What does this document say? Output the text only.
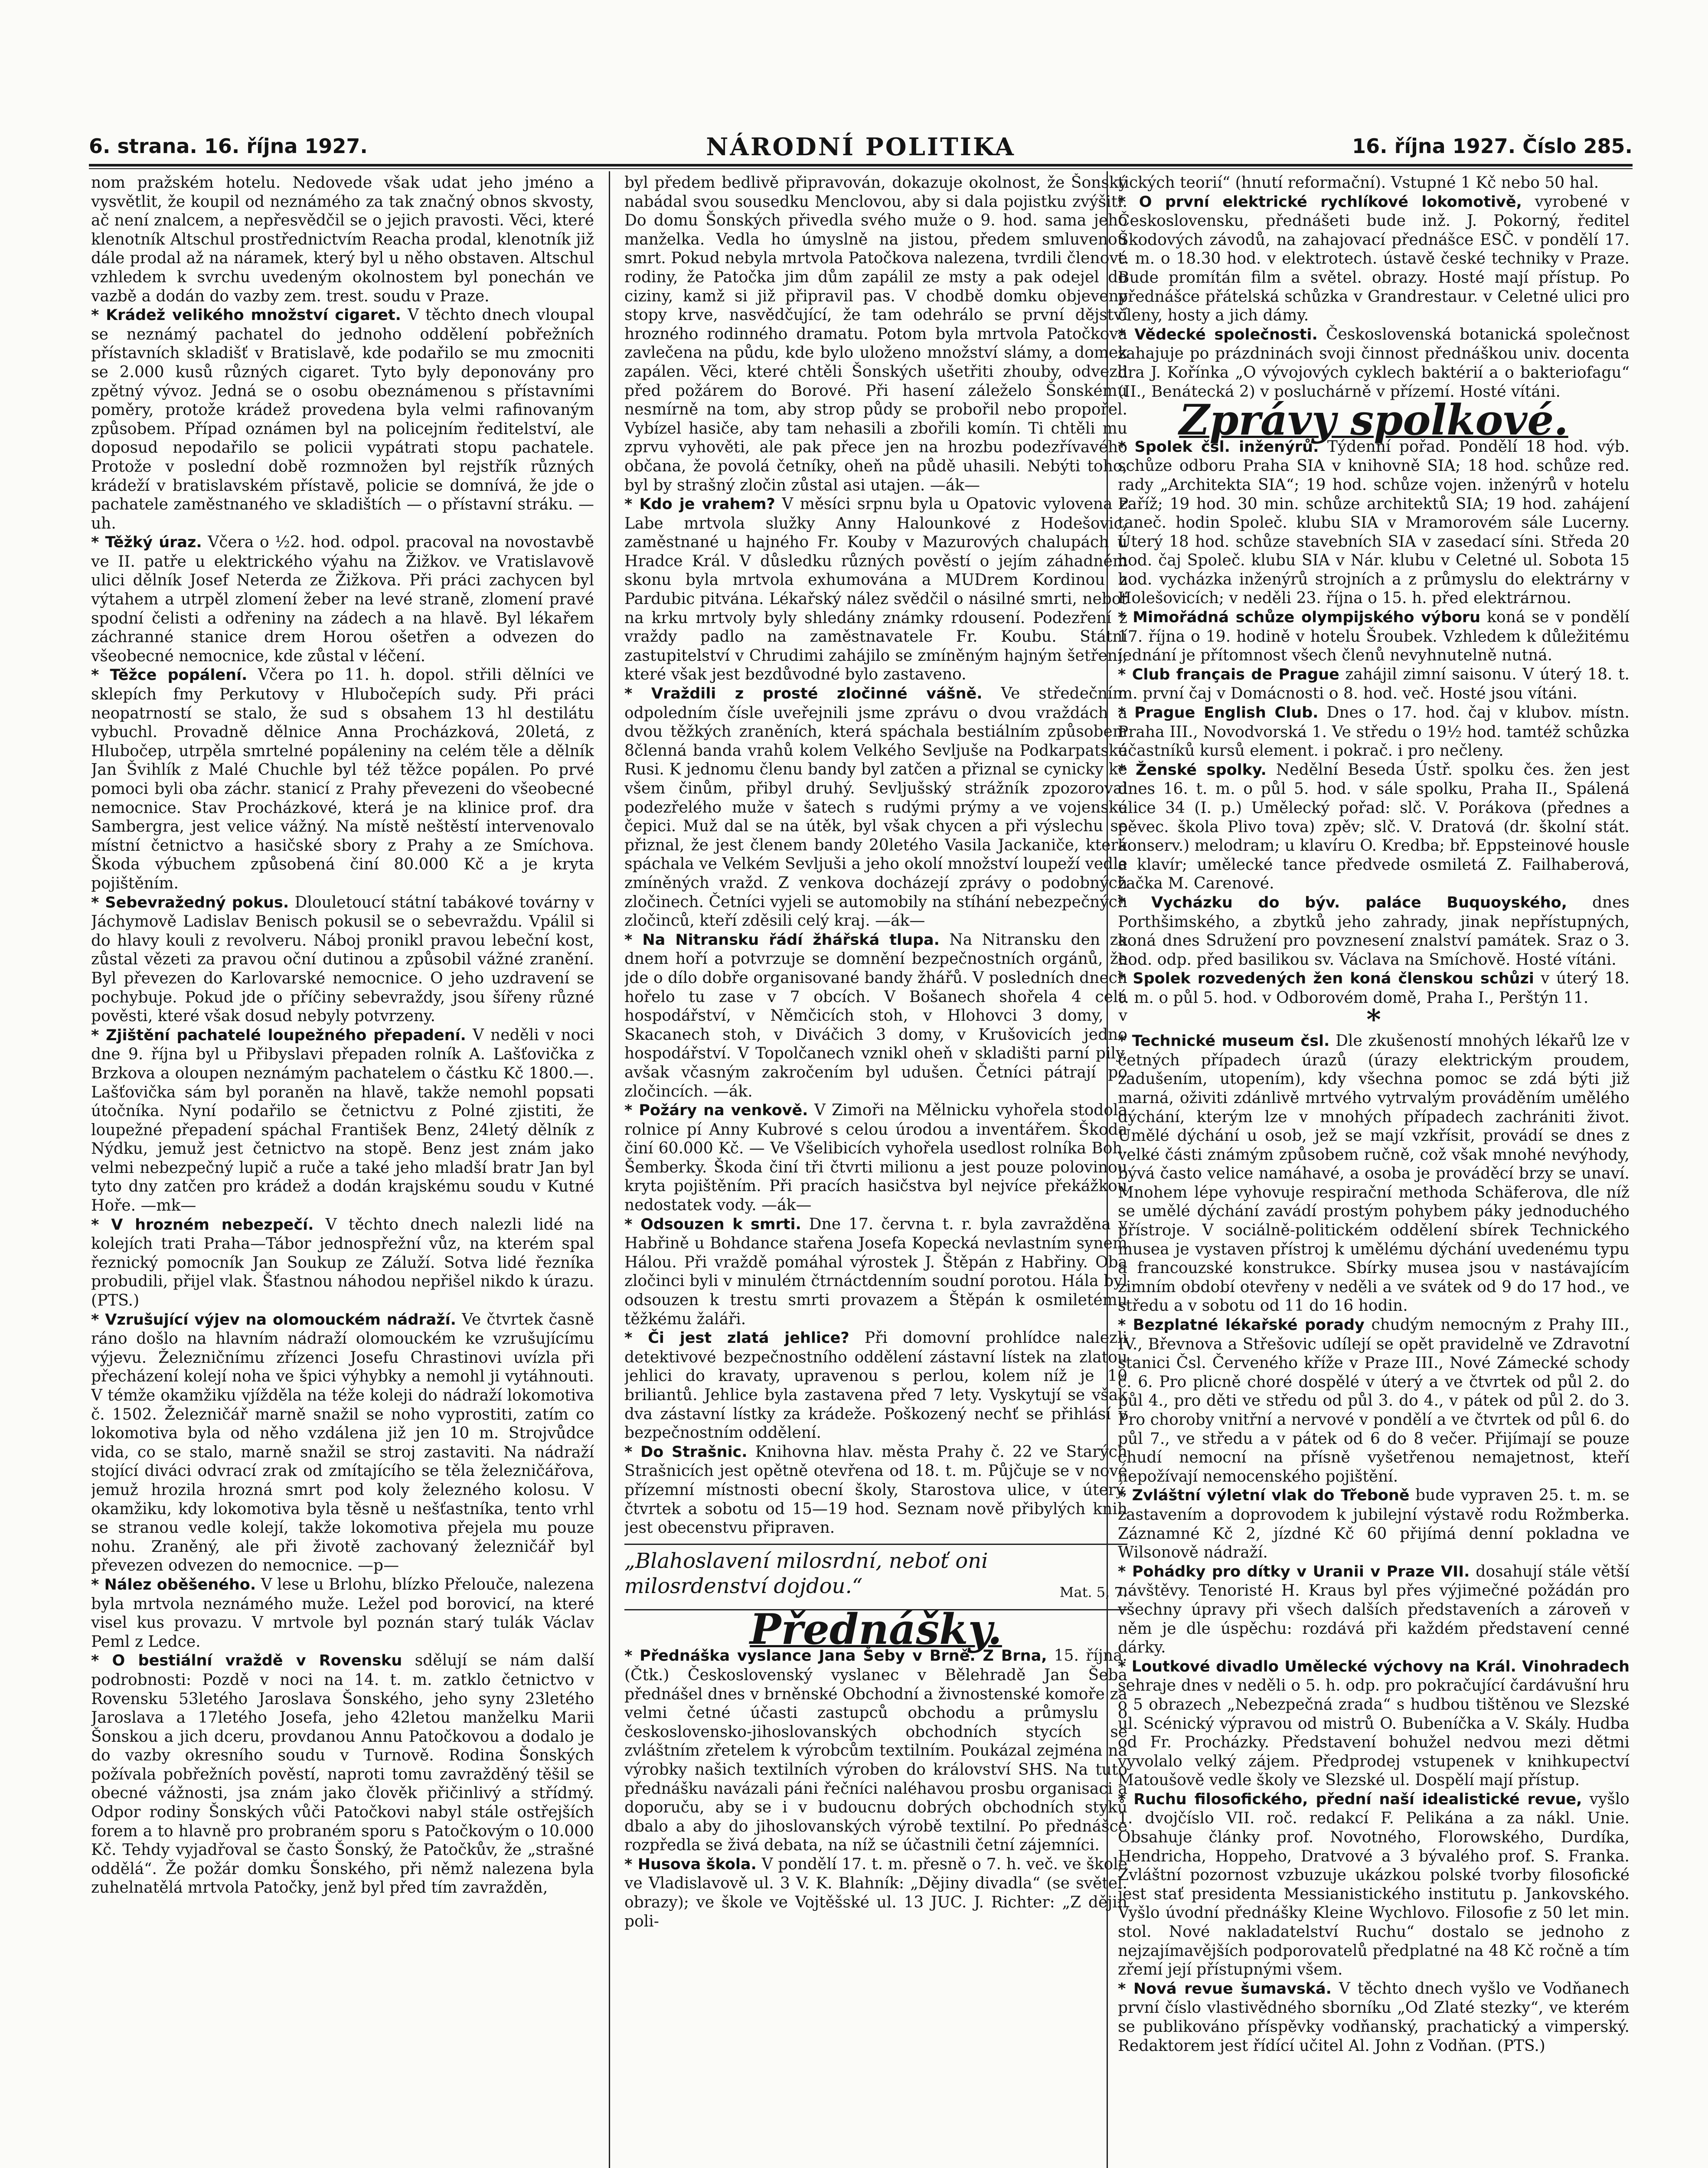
6. strana. 16. října 1927.	NÁRODNÍ POLITIKA	16. října 1927. Číslo 285.

nom pražském hotelu. Nedovede však udat jeho jméno a vysvětlit, že koupil od neznámého za tak značný obnos skvosty, ač není znalcem, a nepřesvědčil se o jejich pravosti. Věci, které klenotník Altschul prostřednictvím Reacha prodal, klenotník již dále prodal až na náramek, který byl u něho obstaven. Altschul vzhledem k svrchu uvedeným okolnostem byl ponechán ve vazbě a dodán do vazby zem. trest. soudu v Praze.

* Krádež velikého množství cigaret. V těchto dnech vloupal se neznámý pachatel do jednoho oddělení pobřežních přístavních skladišť v Bratislavě, kde podařilo se mu zmocniti se 2.000 kusů různých cigaret. Tyto byly deponovány pro zpětný vývoz. Jedná se o osobu obeznámenou s přístavními poměry, protože krádež provedena byla velmi rafinovaným způsobem. Případ oznámen byl na policejním ředitelství, ale doposud nepodařilo se policii vypátrati stopu pachatele. Protože v poslední době rozmnožen byl rejstřík různých krádeží v bratislavském přístavě, policie se domnívá, že jde o pachatele zaměstnaného ve skladištích — o přístavní stráku. —uh.

* Těžký úraz. Včera o ½2. hod. odpol. pracoval na novostavbě ve II. patře u elektrického výahu na Žižkov. ve Vratislavově ulici dělník Josef Neterda ze Žižkova. Při práci zachycen byl výtahem a utrpěl zlomení žeber na levé straně, zlomení pravé spodní čelisti a odřeniny na zádech a na hlavě. Byl lékařem záchranné stanice drem Horou ošetřen a odvezen do všeobecné nemocnice, kde zůstal v léčení.

* Těžce popálení. Včera po 11. h. dopol. střili dělníci ve sklepích fmy Perkutovy v Hlubočepích sudy. Při práci neopatrností se stalo, že sud s obsahem 13 hl destilátu vybuchl. Provadně dělnice Anna Procházková, 20letá, z Hlubočep, utrpěla smrtelné popáleniny na celém těle a dělník Jan Švihlík z Malé Chuchle byl též těžce popálen. Po prvé pomoci byli oba záchr. stanicí z Prahy převezeni do všeobecné nemocnice. Stav Procházkové, která je na klinice prof. dra Sambergra, jest velice vážný. Na místě neštěstí intervenovalo místní četnictvo a hasičské sbory z Prahy a ze Smíchova. Škoda výbuchem způsobená činí 80.000 Kč a je kryta pojištěním.

* Sebevražedný pokus. Dlouletoucí státní tabákové továrny v Jáchymově Ladislav Benisch pokusil se o sebevraždu. Vpálil si do hlavy kouli z revolveru. Náboj pronikl pravou lebeční kost, zůstal vězeti za pravou oční dutinou a způsobil vážné zranění. Byl převezen do Karlovarské nemocnice. O jeho uzdravení se pochybuje. Pokud jde o příčiny sebevraždy, jsou šířeny různé pověsti, které však dosud nebyly potvrzeny.

* Zjištění pachatelé loupežného přepadení. V neděli v noci dne 9. října byl u Přibyslavi přepaden rolník A. Lašťovička z Brzkova a oloupen neznámým pachatelem o částku Kč 1800.—. Lašťovička sám byl poraněn na hlavě, takže nemohl popsati útočníka. Nyní podařilo se četnictvu z Polné zjistiti, že loupežné přepadení spáchal František Benz, 24letý dělník z Nýdku, jemuž jest četnictvo na stopě. Benz jest znám jako velmi nebezpečný lupič a ruče a také jeho mladší bratr Jan byl tyto dny zatčen pro krádež a dodán krajskému soudu v Kutné Hoře. —mk—

* V hrozném nebezpečí. V těchto dnech nalezli lidé na kolejích trati Praha—Tábor jednospřežní vůz, na kterém spal řeznický pomocník Jan Soukup ze Záluží. Sotva lidé řezníka probudili, přijel vlak. Šťastnou náhodou nepřišel nikdo k úrazu. (PTS.)

* Vzrušující výjev na olomouckém nádraží. Ve čtvrtek časně ráno došlo na hlavním nádraží olomouckém ke vzrušujícímu výjevu. Železničnímu zřízenci Josefu Chrastinovi uvízla při přecházení kolejí noha ve špici výhybky a nemohl ji vytáhnouti. V témže okamžiku vjížděla na téže koleji do nádraží lokomotiva č. 1502. Železničář marně snažil se noho vyprostiti, zatím co lokomotiva byla od něho vzdálena již jen 10 m. Strojvůdce vida, co se stalo, marně snažil se stroj zastaviti. Na nádraží stojící diváci odvrací zrak od zmítajícího se těla železničářova, jemuž hrozila hrozná smrt pod koly železného kolosu. V okamžiku, kdy lokomotiva byla těsně u nešťastníka, tento vrhl se stranou vedle kolejí, takže lokomotiva přejela mu pouze nohu. Zraněný, ale při životě zachovaný železničář byl převezen odvezen do nemocnice. —p—

* Nález oběšeného. V lese u Brlohu, blízko Přelouče, nalezena byla mrtvola neznámého muže. Ležel pod borovicí, na které visel kus provazu. V mrtvole byl poznán starý tulák Václav Peml z Ledce.

* O bestiální vraždě v Rovensku sdělují se nám další podrobnosti: Pozdě v noci na 14. t. m. zatklo četnictvo v Rovensku 53letého Jaroslava Šonského, jeho syny 23letého Jaroslava a 17letého Josefa, jeho 42letou manželku Marii Šonskou a jich dceru, provdanou Annu Patočkovou a dodalo je do vazby okresního soudu v Turnově. Rodina Šonských požívala pobřežních pověstí, naproti tomu zavražděný těšil se obecné vážnosti, jsa znám jako člověk přičinlivý a střídmý. Odpor rodiny Šonských vůči Patočkovi nabyl stále ostřejších forem a to hlavně pro probraném sporu s Patočkovým o 10.000 Kč. Tehdy vyjadřoval se často Šonský, že Patočkův, že „strašné oddělá“. Že požár domku Šonského, při němž nalezena byla zuhelnatělá mrtvola Patočky, jenž byl před tím zavražděn,

byl předem bedlivě připravován, dokazuje okolnost, že Šonský nabádal svou sousedku Menclovou, aby si dala pojistku zvýšiti. Do domu Šonských přivedla svého muže o 9. hod. sama jeho manželka. Vedla ho úmyslně na jistou, předem smluvenou smrt. Pokud nebyla mrtvola Patočkova nalezena, tvrdili členové rodiny, že Patočka jim dům zapálil ze msty a pak odejel do ciziny, kamž si již připravil pas. V chodbě domku objeveny stopy krve, nasvědčující, že tam odehrálo se první dějství hrozného rodinného dramatu. Potom byla mrtvola Patočkova zavlečena na půdu, kde bylo uloženo množství slámy, a domek zapálen. Věci, které chtěli Šonských ušetřiti zhouby, odvezli před požárem do Borové. Při hasení záleželo Šonskému nesmírně na tom, aby strop půdy se probořil nebo propořel. Vybízel hasiče, aby tam nehasili a zbořili komín. Ti chtěli mu zprvu vyhověti, ale pak přece jen na hrozbu podezřívavého občana, že povolá četníky, oheň na půdě uhasili. Nebýti toho, byl by strašný zločin zůstal asi utajen. —ák—

* Kdo je vrahem? V měsíci srpnu byla u Opatovic vylovena z Labe mrtvola služky Anny Halounkové z Hodešovic, zaměstnané u hajného Fr. Kouby v Mazurových chalupách u Hradce Král. V důsledku různých pověstí o jejím záhadném skonu byla mrtvola exhumována a MUDrem Kordinou z Pardubic pitvána. Lékařský nález svědčil o násilné smrti, neboť na krku mrtvoly byly shledány známky rdousení. Podezření z vraždy padlo na zaměstnavatele Fr. Koubu. Státní zastupitelství v Chrudimi zahájilo se zmíněným hajným šetření, které však jest bezdůvodné bylo zastaveno.

* Vraždili z prosté zločinné vášně. Ve středečním odpoledním čísle uveřejnili jsme zprávu o dvou vraždách a dvou těžkých zraněních, která spáchala bestiálním způsobem 8členná banda vrahů kolem Velkého Sevljuše na Podkarpatské Rusi. K jednomu členu bandy byl zatčen a přiznal se cynicky ke všem činům, přibyl druhý. Sevljušský strážník zpozoroval podezřelého muže v šatech s rudými prýmy a ve vojenské čepici. Muž dal se na útěk, byl však chycen a při výslechu se přiznal, že jest členem bandy 20letého Vasila Jackaniče, která spáchala ve Velkém Sevljuši a jeho okolí množství loupeží vedle zmíněných vražd. Z venkova docházejí zprávy o podobných zločinech. Četníci vyjeli se automobily na stíhání nebezpečných zločinců, kteří zděsili celý kraj. —ák—

* Na Nitransku řádí žhářská tlupa. Na Nitransku den za dnem hoří a potvrzuje se domnění bezpečnostních orgánů, že jde o dílo dobře organisované bandy žhářů. V posledních dnech hořelo tu zase v 7 obcích. V Bošanech shořela 4 celá hospodářství, v Němčicích stoh, v Hlohovci 3 domy, v Skacanech stoh, v Diváčich 3 domy, v Krušovicích jedno hospodářství. V Topolčanech vznikl oheň v skladišti parní pily, avšak včasným zakročením byl udušen. Četníci pátrají po zločincích. —ák.

* Požáry na venkově. V Zimoři na Mělnicku vyhořela stodola rolnice pí Anny Kubrové s celou úrodou a inventářem. Škoda činí 60.000 Kč. — Ve Všelibicích vyhořela usedlost rolníka Boh. Šemberky. Škoda činí tři čtvrti milionu a jest pouze polovinou kryta pojištěním. Při pracích hasičstva byl nejvíce překážkou nedostatek vody. —ák—

* Odsouzen k smrti. Dne 17. června t. r. byla zavražděna v Habřině u Bohdance stařena Josefa Kopecká nevlastním synem Hálou. Při vraždě pomáhal výrostek J. Štěpán z Habřiny. Oba zločinci byli v minulém čtrnáctdenním soudní porotou. Hála byl odsouzen k trestu smrti provazem a Štěpán k osmiletému těžkému žaláři.

* Či jest zlatá jehlice? Při domovní prohlídce nalezli detektivové bezpečnostního oddělení zástavní lístek na zlatou jehlici do kravaty, upravenou s perlou, kolem níž je 10 briliantů. Jehlice byla zastavena před 7 lety. Vyskytují se však dva zástavní lístky za krádeže. Poškozený nechť se přihlásí v bezpečnostním oddělení.

* Do Strašnic. Knihovna hlav. města Prahy č. 22 ve Starých Strašnicích jest opětně otevřena od 18. t. m. Půjčuje se v nové přízemní místnosti obecní školy, Starostova ulice, v úterý, čtvrtek a sobotu od 15—19 hod. Seznam nově přibylých knih jest obecenstvu připraven.

„Blahoslavení milosrdní, neboť oni milosrdenství dojdou.“	Mat. 5, 7.
Přednášky.

* Přednáška vyslance Jana Šeby v Brně. Z Brna, 15. října. (Čtk.) Československý vyslanec v Bělehradě Jan Šeba přednášel dnes v brněnské Obchodní a živnostenské komoře za velmi četné účasti zastupců obchodu a průmyslu o československo-jihoslovanských obchodních stycích se zvláštním zřetelem k výrobcům textilním. Poukázal zejména na výrobky našich textilních výroben do království SHS. Na tuto přednášku navázali páni řečníci naléhavou prosbu organisaci a doporuču, aby se i v budoucnu dobrých obchodních styků dbalo a aby do jihoslovanských výrobě textilní. Po přednášce rozpředla se živá debata, na níž se účastnili četní zájemníci.

* Husova škola. V pondělí 17. t. m. přesně o 7. h. več. ve škole ve Vladislavově ul. 3 V. K. Blahník: „Dějiny divadla“ (se světel. obrazy); ve škole ve Vojtěšské ul. 13 JUC. J. Richter: „Z dějin poli-

tických teorií“ (hnutí reformační). Vstupné 1 Kč nebo 50 hal.

* O první elektrické rychlíkové lokomotivě, vyrobené v Československu, přednášeti bude inž. J. Pokorný, ředitel Škodových závodů, na zahajovací přednášce ESČ. v pondělí 17. t. m. o 18.30 hod. v elektrotech. ústavě české techniky v Praze. Bude promítán film a světel. obrazy. Hosté mají přístup. Po přednášce přátelská schůzka v Grandrestaur. v Celetné ulici pro členy, hosty a jich dámy.

* Vědecké společnosti. Československá botanická společnost zahajuje po prázdninách svoji činnost přednáškou univ. docenta dra J. Kořínka „O vývojových cyklech baktérií a o bakteriofagu“ (II., Benátecká 2) v posluchárně v přízemí. Hosté vítáni.

Zprávy spolkové.

* Spolek čsl. inženýrů. Týdenní pořad. Pondělí 18 hod. výb. schůze odboru Praha SIA v knihovně SIA; 18 hod. schůze red. rady „Architekta SIA“; 19 hod. schůze vojen. inženýrů v hotelu Paříž; 19 hod. 30 min. schůze architektů SIA; 19 hod. zahájení taneč. hodin Společ. klubu SIA v Mramorovém sále Lucerny. Úterý 18 hod. schůze stavebních SIA v zasedací síni. Středa 20 hod. čaj Společ. klubu SIA v Nár. klubu v Celetné ul. Sobota 15 hod. vycházka inženýrů strojních a z průmyslu do elektrárny v Holešovicích; v neděli 23. října o 15. h. před elektrárnou.

* Mimořádná schůze olympijského výboru koná se v pondělí 17. října o 19. hodině v hotelu Šroubek. Vzhledem k důležitému jednání je přítomnost všech členů nevyhnutelně nutná.

* Club français de Prague zahájil zimní saisonu. V úterý 18. t. m. první čaj v Domácnosti o 8. hod. več. Hosté jsou vítáni.

* Prague English Club. Dnes o 17. hod. čaj v klubov. místn. Praha III., Novodvorská 1. Ve středu o 19½ hod. tamtéž schůzka účastníků kursů element. i pokrač. i pro nečleny.

* Ženské spolky. Nedělní Beseda Ústř. spolku čes. žen jest dnes 16. t. m. o půl 5. hod. v sále spolku, Praha II., Spálená ulice 34 (I. p.) Umělecký pořad: slč. V. Porákova (přednes a pěvec. škola Plivo tova) zpěv; slč. V. Dratová (dr. školní stát. konserv.) melodram; u klavíru O. Kredba; bř. Eppsteinové housle a klavír; umělecké tance předvede osmiletá Z. Failhaberová, žačka M. Carenové.

* Vycházku do býv. paláce Buquoyského, dnes Porthšimského, a zbytků jeho zahrady, jinak nepřístupných, koná dnes Sdružení pro povznesení znalství památek. Sraz o 3. hod. odp. před basilikou sv. Václava na Smíchově. Hosté vítáni.

* Spolek rozvedených žen koná členskou schůzi v úterý 18. t. m. o půl 5. hod. v Odborovém domě, Praha I., Perštýn 11.

*

* Technické museum čsl. Dle zkušeností mnohých lékařů lze v četných případech úrazů (úrazy elektrickým proudem, zadušením, utopením), kdy všechna pomoc se zdá býti již marná, oživiti zdánlivě mrtvého vytrvalým prováděním umělého dýchání, kterým lze v mnohých případech zachrániti život. Umělé dýchání u osob, jež se mají vzkřísit, provádí se dnes z velké části známým způsobem ručně, což však mnohé nevýhody, bývá často velice namáhavé, a osoba je prováděcí brzy se unaví. Mnohem lépe vyhovuje respirační methoda Schäferova, dle níž se umělé dýchání zavádí prostým pohybem páky jednoduchého přístroje. V sociálně-politickém oddělení sbírek Technického musea je vystaven přístroj k umělému dýchání uvedenému typu a francouzské konstrukce. Sbírky musea jsou v nastávajícím zimním období otevřeny v neděli a ve svátek od 9 do 17 hod., ve středu a v sobotu od 11 do 16 hodin.

* Bezplatné lékařské porady chudým nemocným z Prahy III., IV., Břevnova a Střešovic udílejí se opět pravidelně ve Zdravotní stanici Čsl. Červeného kříže v Praze III., Nové Zámecké schody č. 6. Pro plicně choré dospělé v úterý a ve čtvrtek od půl 2. do půl 4., pro děti ve středu od půl 3. do 4., v pátek od půl 2. do 3. Pro choroby vnitřní a nervové v pondělí a ve čtvrtek od půl 6. do půl 7., ve středu a v pátek od 6 do 8 večer. Přijímají se pouze chudí nemocní na přísně vyšetřenou nemajetnost, kteří nepožívají nemocenského pojištění.

* Zvláštní výletní vlak do Třeboně bude vypraven 25. t. m. se zastavením a doprovodem k jubilejní výstavě rodu Rožmberka. Záznamné Kč 2, jízdné Kč 60 přijímá denní pokladna ve Wilsonově nádraží.

* Pohádky pro dítky v Uranii v Praze VII. dosahují stále větší návštěvy. Tenoristé H. Kraus byl přes výjimečné požádán pro všechny úpravy při všech dalších představeních a zároveň v něm je dle úspěchu: rozdává při každém představení cenné dárky.

* Loutkové divadlo Umělecké výchovy na Král. Vinohradech sehraje dnes v neděli o 5. h. odp. pro pokračující čardávušní hru o 5 obrazech „Nebezpečná zrada“ s hudbou tištěnou ve Slezské ul. Scénický výpravou od mistrů O. Bubeníčka a V. Skály. Hudba od Fr. Procházky. Představení bohužel nedvou mezi dětmi vyvolalo velký zájem. Předprodej vstupenek v knihkupectví Matoušově vedle školy ve Slezské ul. Dospělí mají přístup.

* Ruchu filosofického, přední naší idealistické revue, vyšlo 1. dvojčíslo VII. roč. redakcí F. Pelikána a za nákl. Unie. Obsahuje články prof. Novotného, Florowského, Durdíka, Hendricha, Hoppeho, Dratvové a 3 bývalého prof. S. Franka. Zvláštní pozornost vzbuzuje ukázkou polské tvorby filosofické jest stať presidenta Messianistického institutu p. Jankovského. Vyšlo úvodní přednášky Kleine Wychlovo. Filosofie z 50 let min. stol. Nové nakladatelství Ruchu“ dostalo se jednoho z nejzajímavějších podporovatelů předplatné na 48 Kč ročně a tím zřemí její přístupnými všem.

* Nová revue šumavská. V těchto dnech vyšlo ve Vodňanech první číslo vlastivědného sborníku „Od Zlaté stezky“, ve kterém se publikováno příspěvky vodňanský, prachatický a vimperský. Redaktorem jest řídící učitel Al. John z Vodňan. (PTS.)
